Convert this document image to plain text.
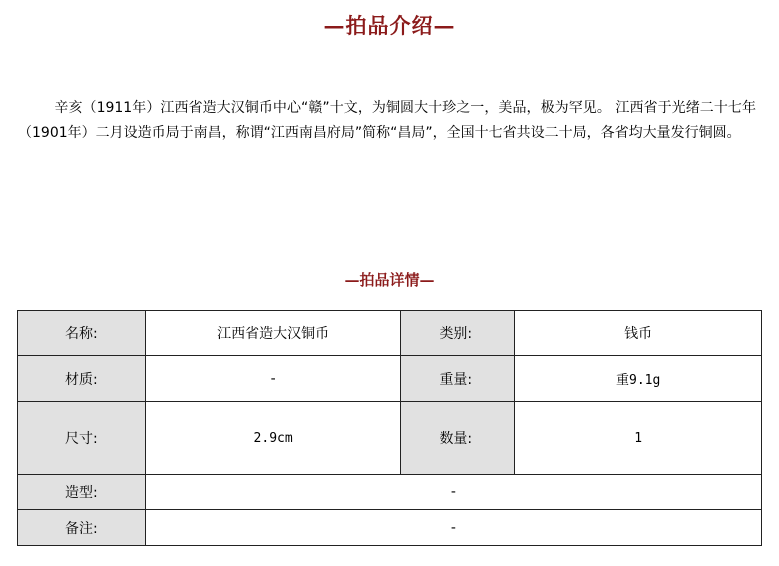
—拍品介绍—

辛亥（1911年）江西省造大汉铜币中心“赣”十文，为铜圆大十珍之一，美品，极为罕见。 江西省于光绪二十七年（1901年）二月设造币局于南昌，称谓“江西南昌府局”简称“昌局”，全国十七省共设二十局，各省均大量发行铜圆。

—拍品详情—
名称:	江西省造大汉铜币	类别:	钱币
材质:	-	重量:	重9.1g
尺寸:	2.9cm	数量:	1
造型:	-		
备注:	-		
